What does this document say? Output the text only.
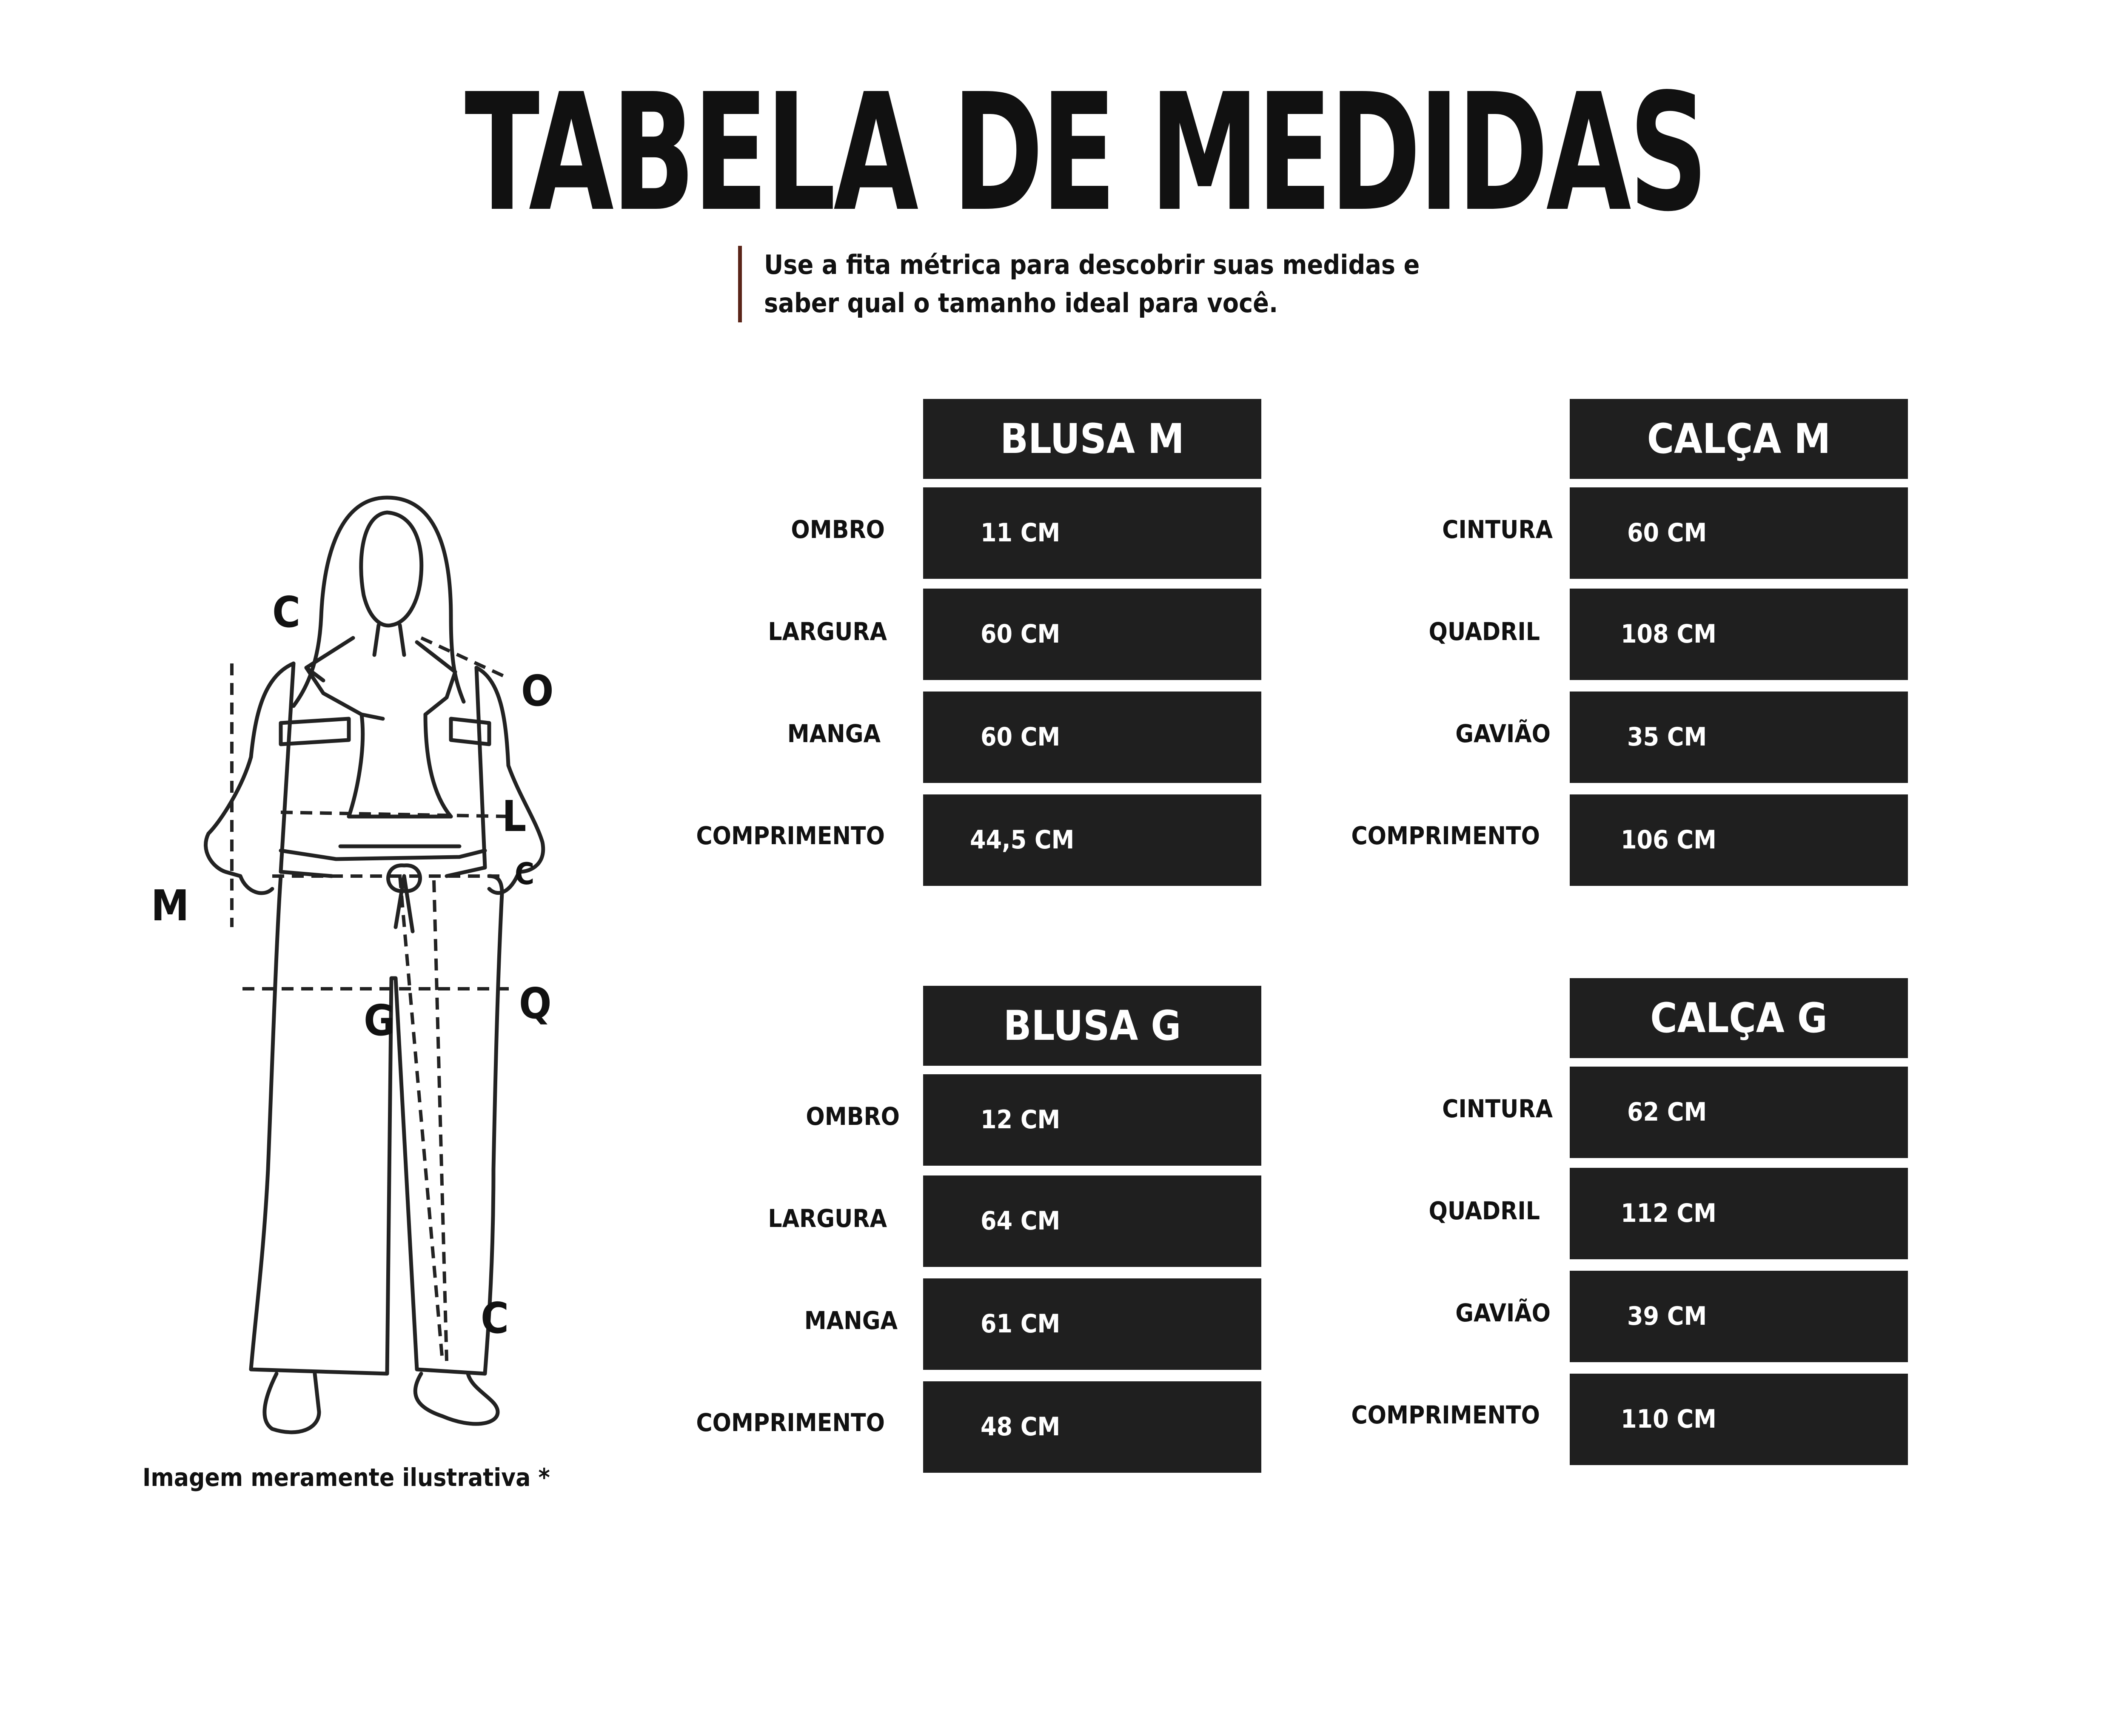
TABELA DE MEDIDAS
Use a fita métrica para descobrir suas medidas e
saber qual o tamanho ideal para você.
BLUSA M
OMBRO	11 CM
LARGURA	60 CM
MANGA	60 CM
COMPRIMENTO	44,5 CM
CALÇA M
CINTURA	60 CM
QUADRIL	108 CM
GAVIÃO	35 CM
COMPRIMENTO	106 CM
BLUSA G
OMBRO	12 CM
LARGURA	64 CM
MANGA	61 CM
COMPRIMENTO	48 CM
CALÇA G
CINTURA	62 CM
QUADRIL	112 CM
GAVIÃO	39 CM
COMPRIMENTO	110 CM
C
O
L
C
M
Q
G
C
Imagem meramente ilustrativa *
